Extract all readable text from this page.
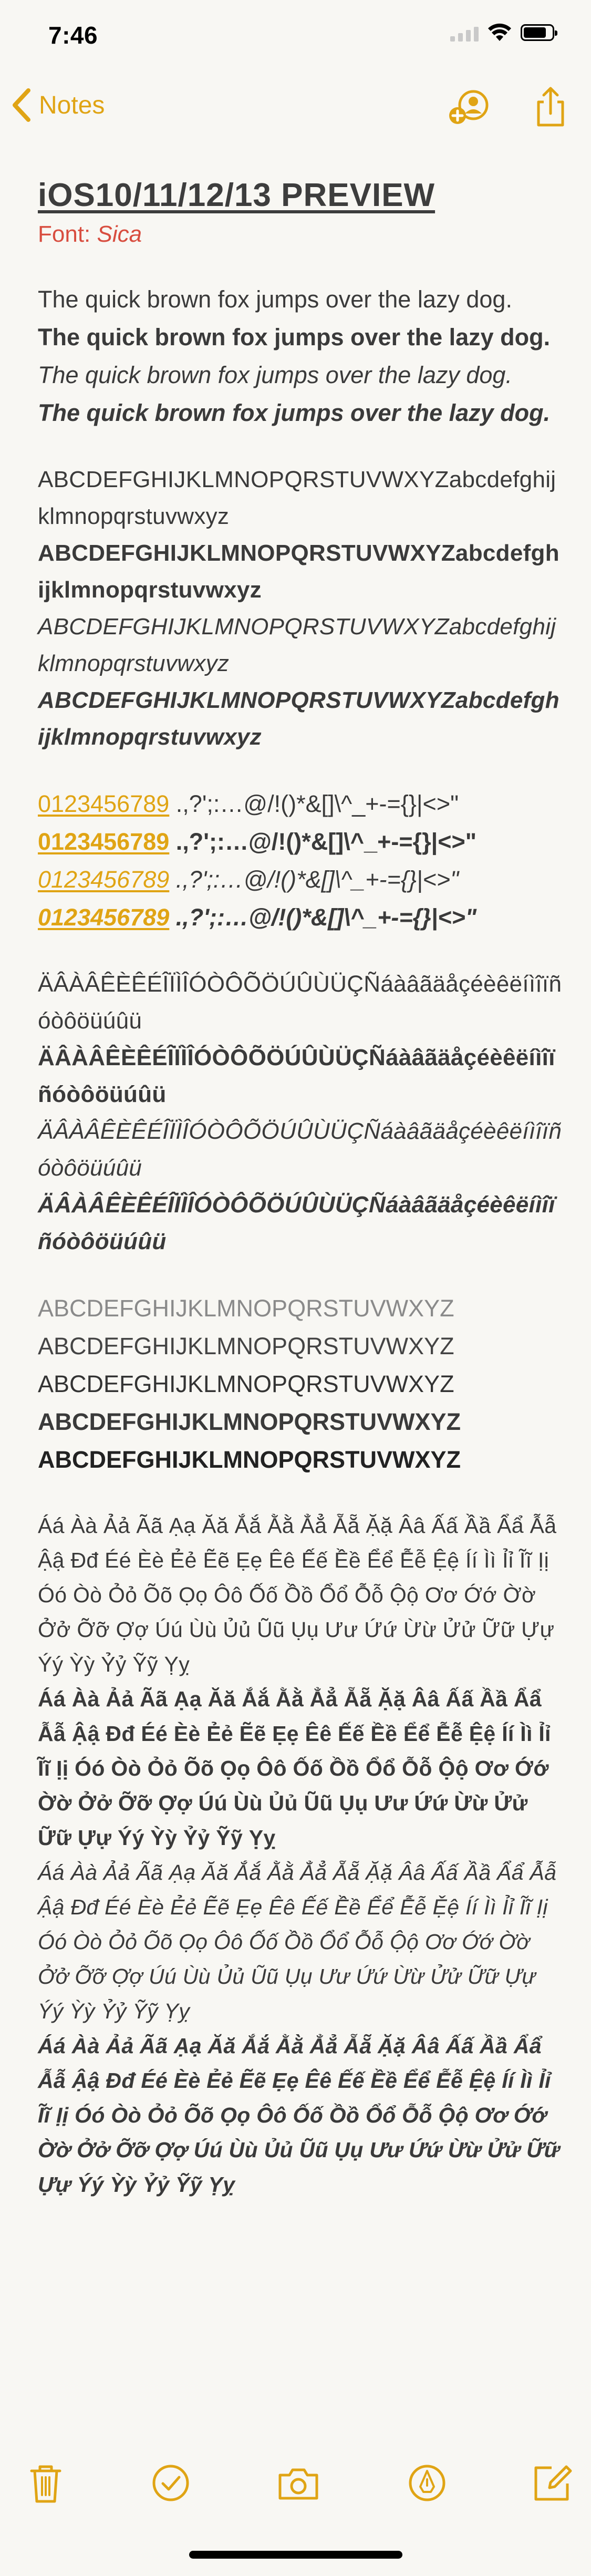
7:46
Notes
iOS10/11/12/13 PREVIEW
Font: Sica
The quick brown fox jumps over the lazy dog.
The quick brown fox jumps over the lazy dog.
The quick brown fox jumps over the lazy dog.
The quick brown fox jumps over the lazy dog.
ABCDEFGHIJKLMNOPQRSTUVWXYZabcdefghijklmnopqrstuvwxyz
ABCDEFGHIJKLMNOPQRSTUVWXYZabcdefghijklmnopqrstuvwxyz
ABCDEFGHIJKLMNOPQRSTUVWXYZabcdefghijklmnopqrstuvwxyz
ABCDEFGHIJKLMNOPQRSTUVWXYZabcdefghijklmnopqrstuvwxyz
0123456789 .,?';:…@/!()*&[]\^_+-={}|<>"
0123456789 .,?';:…@/!()*&[]\^_+-={}|<>"
0123456789 .,?';:…@/!()*&[]\^_+-={}|<>"
0123456789 .,?';:…@/!()*&[]\^_+-={}|<>"
ÄÂÀÂÊÈÊÉÎÏÌÎÓÒÔÕÖÚÛÙÜÇÑáàâãäåçéèêëíìîïñóòôöüúûü
ÄÂÀÂÊÈÊÉÎÏÌÎÓÒÔÕÖÚÛÙÜÇÑáàâãäåçéèêëíìîïñóòôöüúûü
ÄÂÀÂÊÈÊÉÎÏÌÎÓÒÔÕÖÚÛÙÜÇÑáàâãäåçéèêëíìîïñóòôöüúûü
ÄÂÀÂÊÈÊÉÎÏÌÎÓÒÔÕÖÚÛÙÜÇÑáàâãäåçéèêëíìîïñóòôöüúûü
ABCDEFGHIJKLMNOPQRSTUVWXYZ
ABCDEFGHIJKLMNOPQRSTUVWXYZ
ABCDEFGHIJKLMNOPQRSTUVWXYZ
ABCDEFGHIJKLMNOPQRSTUVWXYZ
ABCDEFGHIJKLMNOPQRSTUVWXYZ
Áá Àà Ảả Ãã Ạạ Ăă Ắắ Ằằ Ẳẳ Ẵẵ Ặặ Ââ Ấấ Ầầ Ẩẩ Ẫẫ Ậậ Đđ Éé Èè Ẻẻ Ẽẽ Ẹẹ Êê Ếế Ềề Ểể Ễễ Ệệ Íí Ìì Ỉỉ Ĩĩ Ịị Óó Òò Ỏỏ Õõ Ọọ Ôô Ốố Ồồ Ổổ Ỗỗ Ộộ Ơơ Ớớ Ờờ Ởở Ỡỡ Ợợ Úú Ùù Ủủ Ũũ Ụụ Ưư Ứứ Ừừ Ửử Ữữ Ựự Ýý Ỳỳ Ỷỷ Ỹỹ Ỵỵ
Áá Àà Ảả Ãã Ạạ Ăă Ắắ Ằằ Ẳẳ Ẵẵ Ặặ Ââ Ấấ Ầầ Ẩẩ Ẫẫ Ậậ Đđ Éé Èè Ẻẻ Ẽẽ Ẹẹ Êê Ếế Ềề Ểể Ễễ Ệệ Íí Ìì Ỉỉ Ĩĩ Ịị Óó Òò Ỏỏ Õõ Ọọ Ôô Ốố Ồồ Ổổ Ỗỗ Ộộ Ơơ Ớớ Ờờ Ởở Ỡỡ Ợợ Úú Ùù Ủủ Ũũ Ụụ Ưư Ứứ Ừừ Ửử Ữữ Ựự Ýý Ỳỳ Ỷỷ Ỹỹ Ỵỵ
Áá Àà Ảả Ãã Ạạ Ăă Ắắ Ằằ Ẳẳ Ẵẵ Ặặ Ââ Ấấ Ầầ Ẩẩ Ẫẫ Ậậ Đđ Éé Èè Ẻẻ Ẽẽ Ẹẹ Êê Ếế Ềề Ểể Ễễ Ệệ Íí Ìì Ỉỉ Ĩĩ Ịị Óó Òò Ỏỏ Õõ Ọọ Ôô Ốố Ồồ Ổổ Ỗỗ Ộộ Ơơ Ớớ Ờờ Ởở Ỡỡ Ợợ Úú Ùù Ủủ Ũũ Ụụ Ưư Ứứ Ừừ Ửử Ữữ Ựự Ýý Ỳỳ Ỷỷ Ỹỹ Ỵỵ
Áá Àà Ảả Ãã Ạạ Ăă Ắắ Ằằ Ẳẳ Ẵẵ Ặặ Ââ Ấấ Ầầ Ẩẩ Ẫẫ Ậậ Đđ Éé Èè Ẻẻ Ẽẽ Ẹẹ Êê Ếế Ềề Ểể Ễễ Ệệ Íí Ìì Ỉỉ Ĩĩ Ịị Óó Òò Ỏỏ Õõ Ọọ Ôô Ốố Ồồ Ổổ Ỗỗ Ộộ Ơơ Ớớ Ờờ Ởở Ỡỡ Ợợ Úú Ùù Ủủ Ũũ Ụụ Ưư Ứứ Ừừ Ửử Ữữ Ựự Ýý Ỳỳ Ỷỷ Ỹỹ Ỵỵ
